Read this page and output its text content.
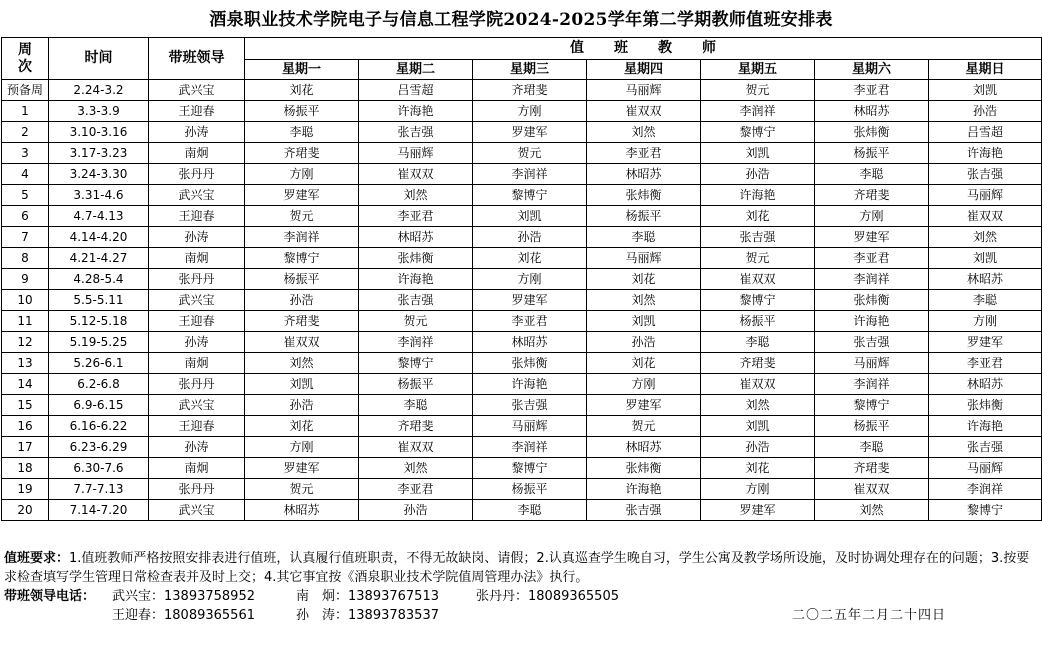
酒泉职业技术学院电子与信息工程学院2024-2025学年第二学期教师值班安排表
周
次	时间	带班领导	值班教师						
			星期一	星期二	星期三	星期四	星期五	星期六	星期日
预备周	2.24-3.2	武兴宝	刘花	吕雪超	齐珺斐	马丽辉	贺元	李亚君	刘凯
1	3.3-3.9	王迎春	杨振平	许海艳	方刚	崔双双	李润祥	林昭苏	孙浩
2	3.10-3.16	孙涛	李聪	张吉强	罗建军	刘然	黎博宁	张炜衡	吕雪超
3	3.17-3.23	南炯	齐珺斐	马丽辉	贺元	李亚君	刘凯	杨振平	许海艳
4	3.24-3.30	张丹丹	方刚	崔双双	李润祥	林昭苏	孙浩	李聪	张吉强
5	3.31-4.6	武兴宝	罗建军	刘然	黎博宁	张炜衡	许海艳	齐珺斐	马丽辉
6	4.7-4.13	王迎春	贺元	李亚君	刘凯	杨振平	刘花	方刚	崔双双
7	4.14-4.20	孙涛	李润祥	林昭苏	孙浩	李聪	张吉强	罗建军	刘然
8	4.21-4.27	南炯	黎博宁	张炜衡	刘花	马丽辉	贺元	李亚君	刘凯
9	4.28-5.4	张丹丹	杨振平	许海艳	方刚	刘花	崔双双	李润祥	林昭苏
10	5.5-5.11	武兴宝	孙浩	张吉强	罗建军	刘然	黎博宁	张炜衡	李聪
11	5.12-5.18	王迎春	齐珺斐	贺元	李亚君	刘凯	杨振平	许海艳	方刚
12	5.19-5.25	孙涛	崔双双	李润祥	林昭苏	孙浩	李聪	张吉强	罗建军
13	5.26-6.1	南炯	刘然	黎博宁	张炜衡	刘花	齐珺斐	马丽辉	李亚君
14	6.2-6.8	张丹丹	刘凯	杨振平	许海艳	方刚	崔双双	李润祥	林昭苏
15	6.9-6.15	武兴宝	孙浩	李聪	张吉强	罗建军	刘然	黎博宁	张炜衡
16	6.16-6.22	王迎春	刘花	齐珺斐	马丽辉	贺元	刘凯	杨振平	许海艳
17	6.23-6.29	孙涛	方刚	崔双双	李润祥	林昭苏	孙浩	李聪	张吉强
18	6.30-7.6	南炯	罗建军	刘然	黎博宁	张炜衡	刘花	齐珺斐	马丽辉
19	7.7-7.13	张丹丹	贺元	李亚君	杨振平	许海艳	方刚	崔双双	李润祥
20	7.14-7.20	武兴宝	林昭苏	孙浩	李聪	张吉强	罗建军	刘然	黎博宁
值班要求：1.值班教师严格按照安排表进行值班，认真履行值班职责，不得无故缺岗、请假；2.认真巡查学生晚自习，学生公寓及教学场所设施，及时协调处理存在的问题；3.按要求检查填写学生管理日常检查表并及时上交；4.其它事宜按《酒泉职业技术学院值周管理办法》执行。
带班领导电话： 武兴宝：13893758952	南　炯：13893767513	张丹丹：18089365505
王迎春：18089365561	孙　涛：13893783537	二〇二五年二月二十四日
